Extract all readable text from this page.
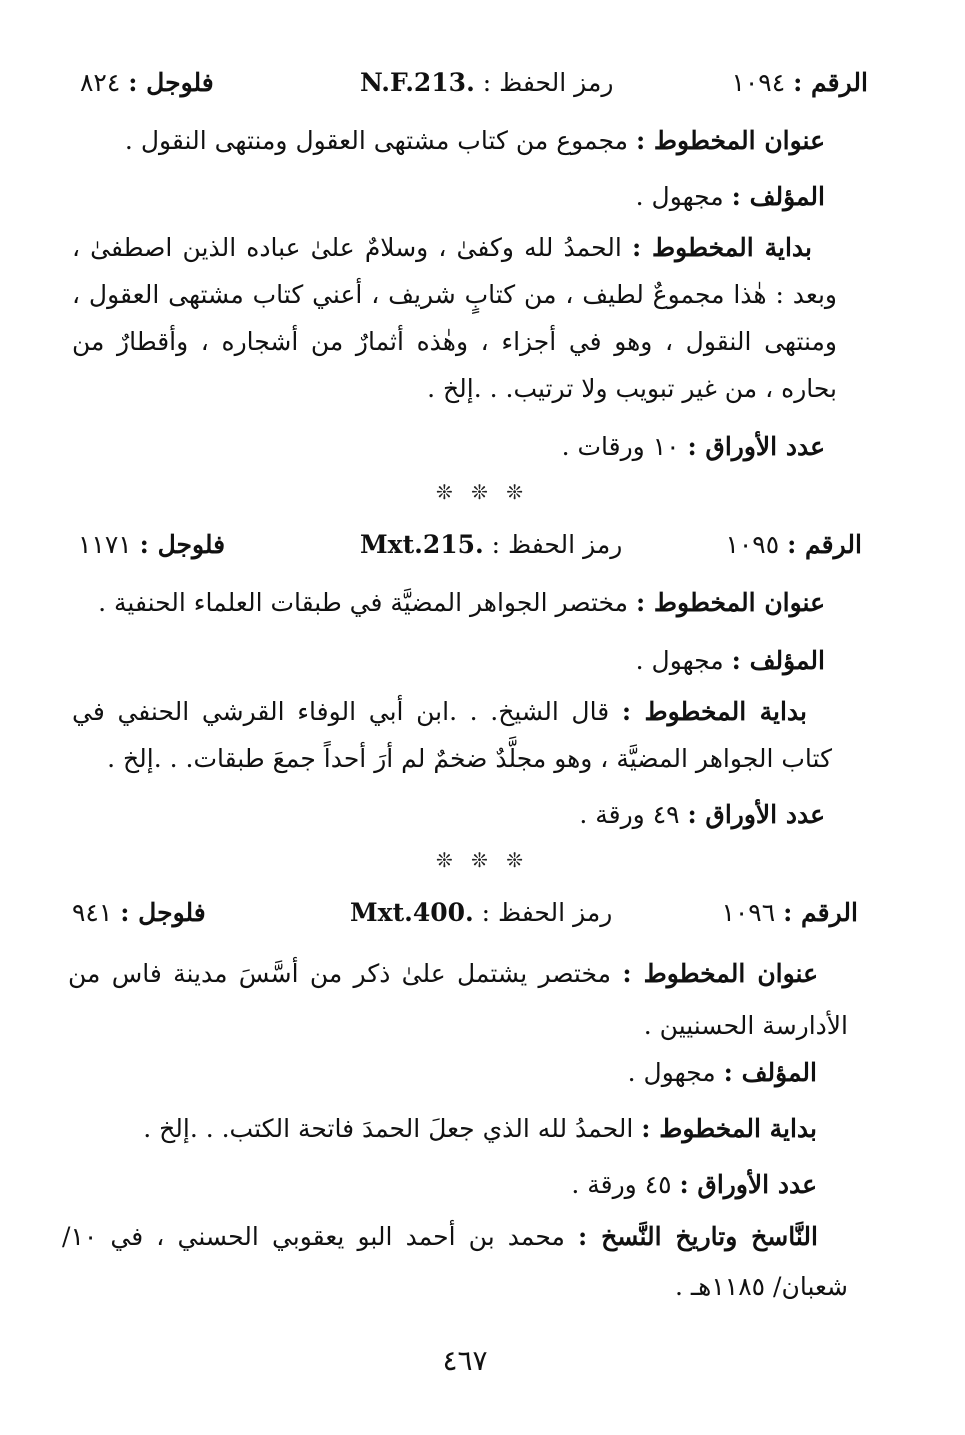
الرقم : ١٠٩٤
رمز الحفظ : N.F.213.
فلوجل : ٨٢٤
عنوان المخطوط : مجموع من كتاب مشتهى العقول ومنتهى النقول .
المؤلف : مجهول .
بداية المخطوط : الحمدُ لله وكفىٰ ، وسلامٌ علىٰ عباده الذين اصطفىٰ ، وبعد : هٰذا مجموعٌ لطيف ، من كتابٍ شريف ، أعني كتاب مشتهى العقول ، ومنتهى النقول ، وهو في أجزاء ، وهٰذه أثمارٌ من أشجاره ، وأقطارٌ من بحاره ، من غير تبويب ولا ترتيب. . .إلخ .
عدد الأوراق : ١٠ ورقات .
❊ ❊ ❊
الرقم : ١٠٩٥
رمز الحفظ : Mxt.215.
فلوجل : ١١٧١
عنوان المخطوط : مختصر الجواهر المضيَّة في طبقات العلماء الحنفية .
المؤلف : مجهول .
بداية المخطوط : قال الشيخ. . .ابن أبي الوفاء القرشي الحنفي في كتاب الجواهر المضيَّة ، وهو مجلَّدٌ ضخمٌ لم أرَ أحداً جمعَ طبقات. . .إلخ .
عدد الأوراق : ٤٩ ورقة .
❊ ❊ ❊
الرقم : ١٠٩٦
رمز الحفظ : Mxt.400.
فلوجل : ٩٤١
عنوان المخطوط : مختصر يشتمل علىٰ ذكر من أسَّسَ مدينة فاس من الأدارسة الحسنيين .
المؤلف : مجهول .
بداية المخطوط : الحمدُ لله الذي جعلَ الحمدَ فاتحة الكتب. . .إلخ .
عدد الأوراق : ٤٥ ورقة .
النَّاسخ وتاريخ النَّسخ : محمد بن أحمد البو يعقوبي الحسني ، في ١٠/ شعبان/ ١١٨٥هـ .
٤٦٧
